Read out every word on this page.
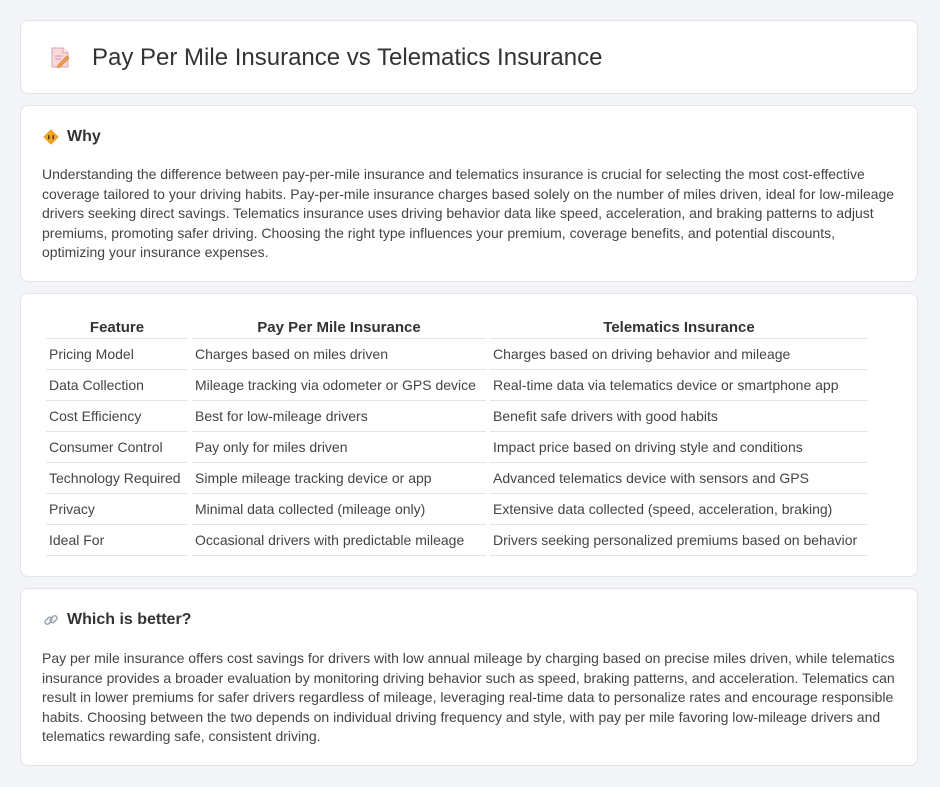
Pay Per Mile Insurance vs Telematics Insurance
Why

Understanding the difference between pay-per-mile insurance and telematics insurance is crucial for selecting the most cost-effective coverage tailored to your driving habits. Pay-per-mile insurance charges based solely on the number of miles driven, ideal for low-mileage drivers seeking direct savings. Telematics insurance uses driving behavior data like speed, acceleration, and braking patterns to adjust premiums, promoting safer driving. Choosing the right type influences your premium, coverage benefits, and potential discounts, optimizing your insurance expenses.

Feature	Pay Per Mile Insurance	Telematics Insurance
Pricing Model	Charges based on miles driven	Charges based on driving behavior and mileage
Data Collection	Mileage tracking via odometer or GPS device	Real-time data via telematics device or smartphone app
Cost Efficiency	Best for low-mileage drivers	Benefit safe drivers with good habits
Consumer Control	Pay only for miles driven	Impact price based on driving style and conditions
Technology Required	Simple mileage tracking device or app	Advanced telematics device with sensors and GPS
Privacy	Minimal data collected (mileage only)	Extensive data collected (speed, acceleration, braking)
Ideal For	Occasional drivers with predictable mileage	Drivers seeking personalized premiums based on behavior
Which is better?

Pay per mile insurance offers cost savings for drivers with low annual mileage by charging based on precise miles driven, while telematics insurance provides a broader evaluation by monitoring driving behavior such as speed, braking patterns, and acceleration. Telematics can result in lower premiums for safer drivers regardless of mileage, leveraging real-time data to personalize rates and encourage responsible habits. Choosing between the two depends on individual driving frequency and style, with pay per mile favoring low-mileage drivers and telematics rewarding safe, consistent driving.
